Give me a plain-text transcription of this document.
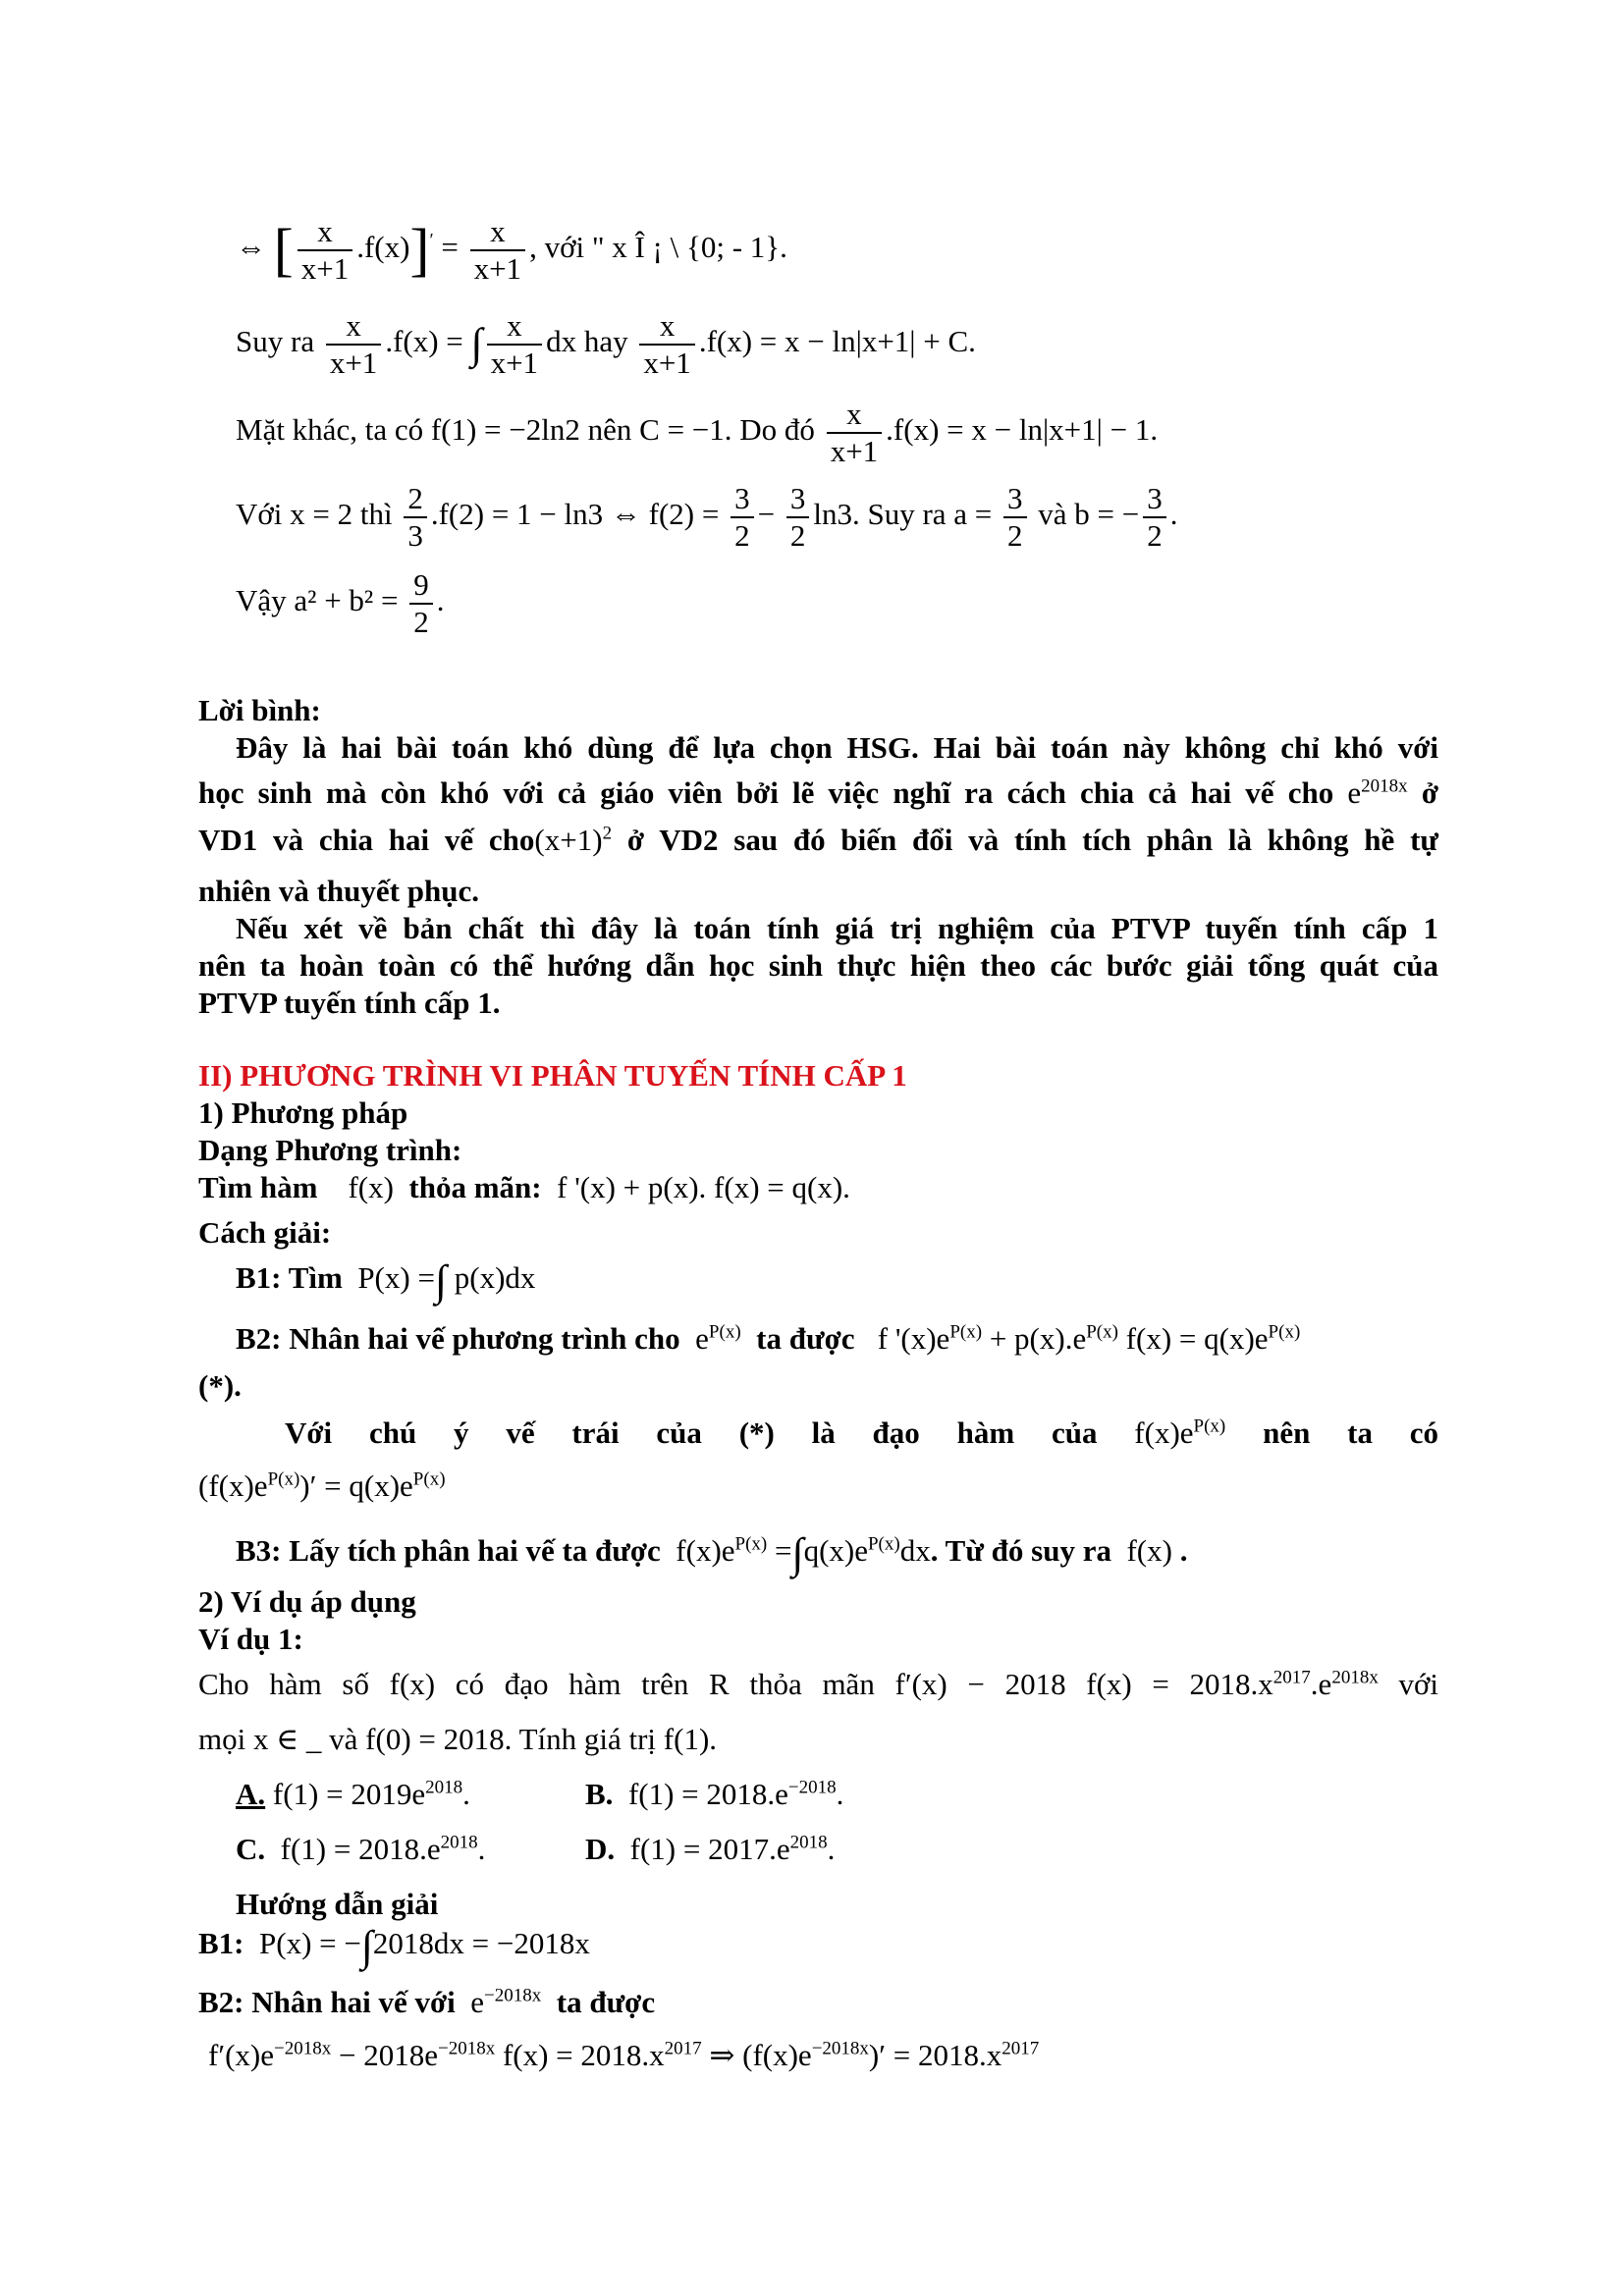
⇔ [ $\frac{x}{x+1} .f(x)]' = \frac{x}{x+1}$ , với " x Î ¡ \ {0; - 1}.
Suy ra $\frac{x}{x+1} .f(x)$ = ∫ $\frac{x}{x+1}$ dx hay $\frac{x}{x+1} .f(x) = x - \ln|x+1| + C$.
Mặt khác, ta có f(1) = −2ln2 nên C = −1. Do đó $\frac{x}{x+1} .f(x) = x - \ln|x+1| - 1$.
Với x = 2 thì $\frac{2}{3} .f(2) = 1 - \ln 3$ ⇔ $f(2) = \frac{3}{2} - \frac{3}{2} \ln 3$. Suy ra $a = \frac{3}{2}$ và b = − $\frac{3}{2}$ .
Vậy $a^2 + b^2 = \frac{9}{2}$ .
Lời bình:
Đây là hai bài toán khó dùng để lựa chọn HSG. Hai bài toán này không chỉ khó với
học sinh mà còn khó với cả giáo viên bởi lẽ việc nghĩ ra cách chia cả hai vế cho $e^{2018x}$ ở
VD1 và chia hai vế $cho(x+1)^2$ ở VD2 sau đó biến đổi và tính tích phân là không hề tự
nhiên và thuyết phục.
Nếu xét về bản chất thì đây là toán tính giá trị nghiệm của PTVP tuyến tính cấp 1
nên ta hoàn toàn có thể hướng dẫn học sinh thực hiện theo các bước giải tổng quát của
PTVP tuyến tính cấp 1.
II) PHƯƠNG TRÌNH VI PHÂN TUYẾN TÍNH CẤP 1
1) Phương pháp
Dạng Phương trình:
Tìm hàm f(x) thỏa mãn: f '(x) + p(x). f(x) = q(x).
Cách giải:
B1: Tìm P(x) =∫ p(x)dx
B2: Nhân hai vế phương trình cho $e^{P(x)}$ ta được f '$(x)e^{P(x)} + p(x).e^{P(x)}$ $f(x) = q(x)e^{P(x)}$
(*).
Với chú ý vế trái của (*) là đạo hàm của $f(x)e^{P(x)}$ nên ta có
$(f(x)e^{P(x)})' = q(x)e^{P(x)}$
B3: Lấy tích phân hai vế ta được $f(x)e^{P(x)} =\int q(x)e^{P(x)}dx$. Từ đó suy ra f(x) .
2) Ví dụ áp dụng
Ví dụ 1:
Cho hàm số f(x) có đạo hàm trên R thỏa mãn f′(x) − 2018 $f(x) = 2018.x^{2017}.e^{2018x}$ với
mọi x ∈ _ và f(0) = 2018. Tính giá trị f(1).
A. $f(1) = 2019e^{2018}$.	B. $f(1) = 2018.e^{-2018}$.
C. $f(1) = 2018.e^{2018}$.	D. $f(1) = 2017.e^{2018}$.
Hướng dẫn giải
B1: P(x) = −∫2018dx = −2018x
B2: Nhân hai vế với $e^{-2018x}$ ta được
$f'(x)e^{-2018x} - 2018e^{-2018x}$ $f(x) = 2018.x^{2017}$ ⇒ $(f(x)e^{-2018x})' = 2018.x^{2017}$
